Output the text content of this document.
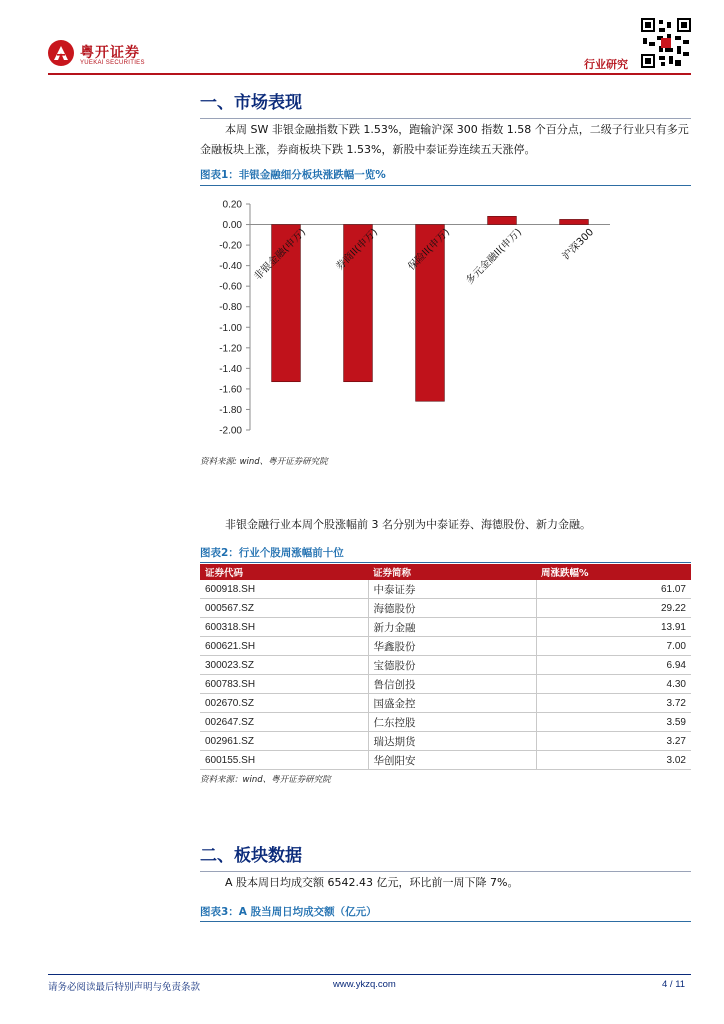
粤开证券
YUEKAI SECURITIES	行业研究
一、市场表现
本周 SW 非银金融指数下跌 1.53%，跑输沪深 300 指数 1.58 个百分点，二级子行业只有多元金融板块上涨，券商板块下跌 1.53%，新股中泰证券连续五天涨停。
图表1：非银金融细分板块涨跌幅一览%
0.20
0.00
-0.20
-0.40
-0.60
-0.80
-1.00
-1.20
-1.40
-1.60
-1.80
-2.00
非银金融(申万)	券商II(申万)	保险II(申万) 多元金融II(申万)	沪深300
资料来源: wind、粤开证券研究院
非银金融行业本周个股涨幅前 3 名分别为中泰证券、海德股份、新力金融。
图表2：行业个股周涨幅前十位
证券代码	证券简称	周涨跌幅%
600918.SH	中泰证券	61.07
000567.SZ	海德股份	29.22
600318.SH	新力金融	13.91
600621.SH	华鑫股份	7.00
300023.SZ	宝德股份	6.94
600783.SH	鲁信创投	4.30
002670.SZ	国盛金控	3.72
002647.SZ	仁东控股	3.59
002961.SZ	瑞达期货	3.27
600155.SH	华创阳安	3.02
资料来源：wind、粤开证券研究院
二、板块数据
A 股本周日均成交额 6542.43 亿元，环比前一周下降 7%。
图表3：A 股当周日均成交额（亿元）
请务必阅读最后特别声明与免责条款	www.ykzq.com	4 / 11
